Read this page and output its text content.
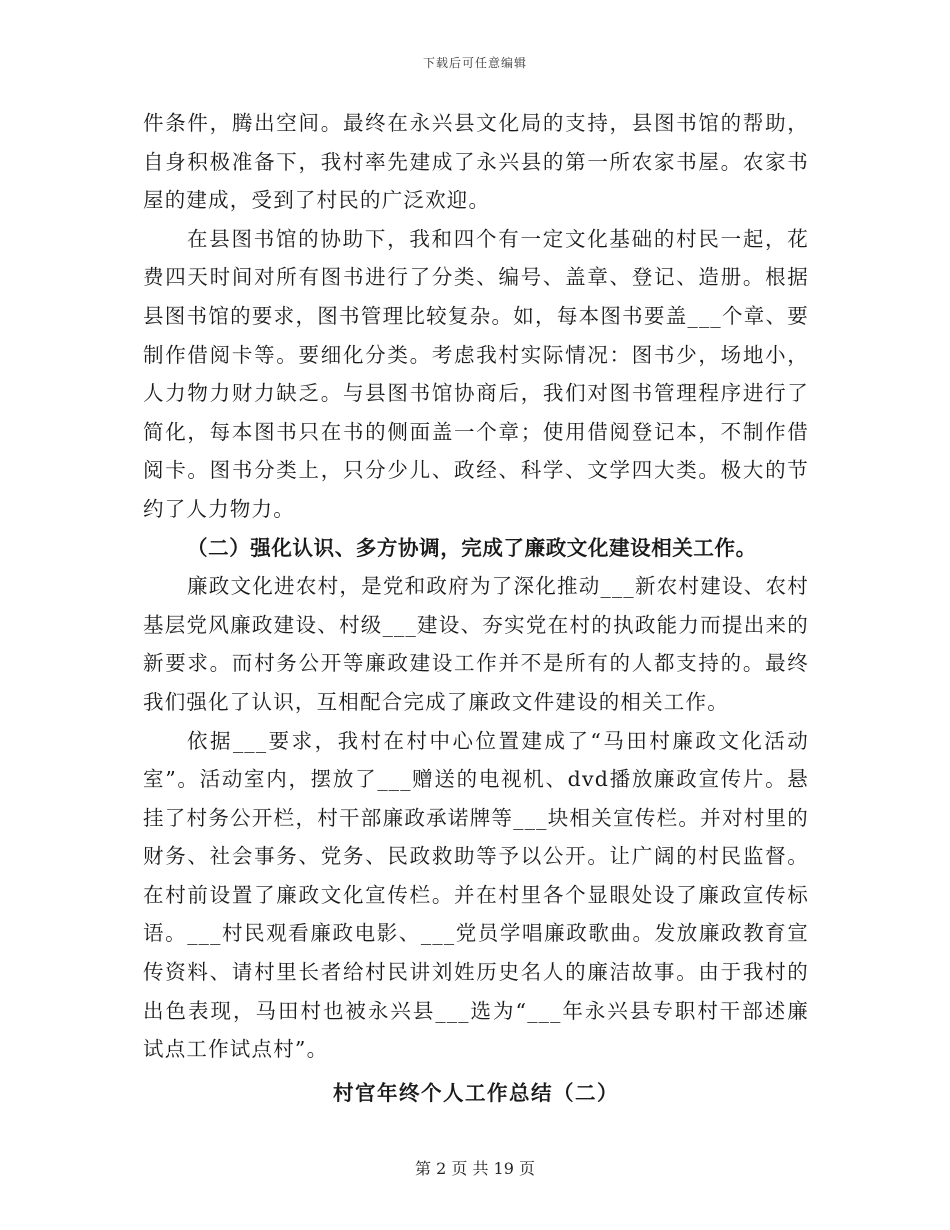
下载后可任意编辑

件条件，腾出空间。最终在永兴县文化局的支持，县图书馆的帮助，自身积极准备下，我村率先建成了永兴县的第一所农家书屋。农家书屋的建成，受到了村民的广泛欢迎。

在县图书馆的协助下，我和四个有一定文化基础的村民一起，花费四天时间对所有图书进行了分类、编号、盖章、登记、造册。根据县图书馆的要求，图书管理比较复杂。如，每本图书要盖___个章、要制作借阅卡等。要细化分类。考虑我村实际情况：图书少，场地小，人力物力财力缺乏。与县图书馆协商后，我们对图书管理程序进行了简化，每本图书只在书的侧面盖一个章；使用借阅登记本，不制作借阅卡。图书分类上，只分少儿、政经、科学、文学四大类。极大的节约了人力物力。

（二）强化认识、多方协调，完成了廉政文化建设相关工作。

廉政文化进农村，是党和政府为了深化推动___新农村建设、农村基层党风廉政建设、村级___建设、夯实党在村的执政能力而提出来的新要求。而村务公开等廉政建设工作并不是所有的人都支持的。最终我们强化了认识，互相配合完成了廉政文件建设的相关工作。

依据___要求，我村在村中心位置建成了“马田村廉政文化活动室”。活动室内，摆放了___赠送的电视机、dvd播放廉政宣传片。悬挂了村务公开栏，村干部廉政承诺牌等___块相关宣传栏。并对村里的财务、社会事务、党务、民政救助等予以公开。让广阔的村民监督。在村前设置了廉政文化宣传栏。并在村里各个显眼处设了廉政宣传标语。___村民观看廉政电影、___党员学唱廉政歌曲。发放廉政教育宣传资料、请村里长者给村民讲刘姓历史名人的廉洁故事。由于我村的出色表现，马田村也被永兴县___选为“___年永兴县专职村干部述廉试点工作试点村”。

村官年终个人工作总结（二）

第 2 页 共 19 页
